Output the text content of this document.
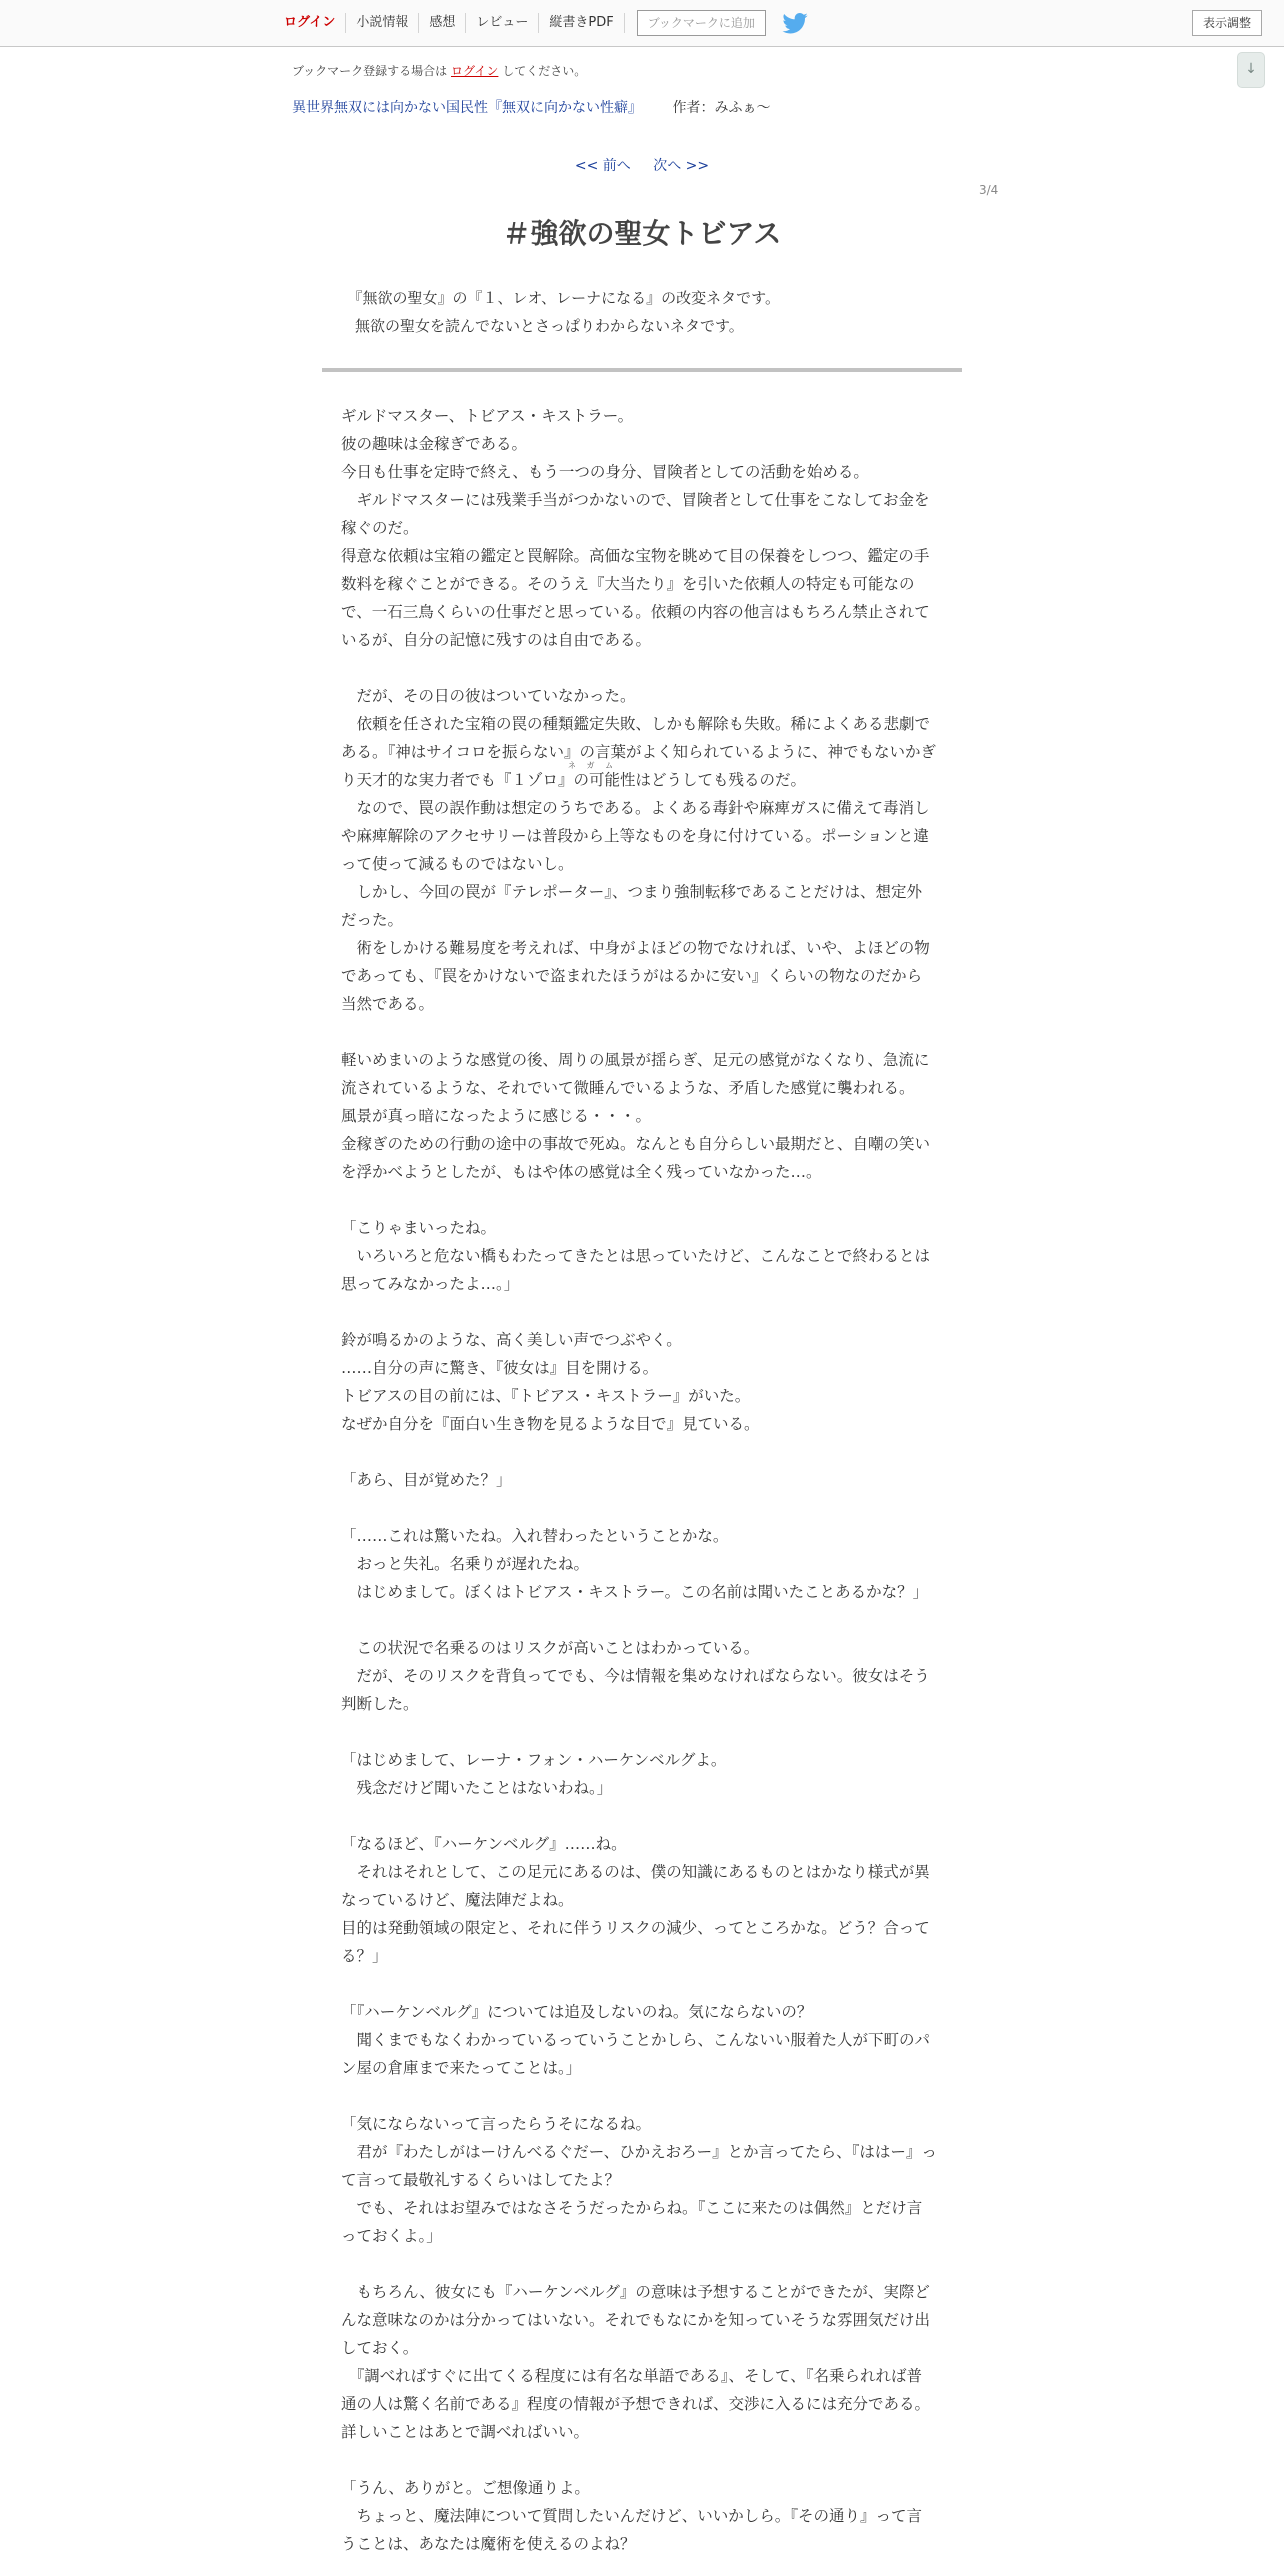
ログイン	小説情報	感想	レビュー	縦書きPDF	ブックマークに追加	表示調整
↓
ブックマーク登録する場合は ログイン してください。
異世界無双には向かない国民性『無双に向かない性癖』 作者：みふぁ～
<< 前へ 次へ >>
3/4
＃強欲の聖女トビアス

　『無欲の聖女』の『１、レオ、レーナになる』の改変ネタです。

　無欲の聖女を読んでないとさっぱりわからないネタです。

ギルドマスター、トビアス・キストラー。

彼の趣味は金稼ぎである。

今日も仕事を定時で終え、もう一つの身分、冒険者としての活動を始める。

　ギルドマスターには残業手当がつかないので、冒険者として仕事をこなしてお金を稼ぐのだ。

得意な依頼は宝箱の鑑定と罠解除。高価な宝物を眺めて目の保養をしつつ、鑑定の手数料を稼ぐことができる。そのうえ『大当たり』を引いた依頼人の特定も可能なので、一石三鳥くらいの仕事だと思っている。依頼の内容の他言はもちろん禁止されているが、自分の記憶に残すのは自由である。

　だが、その日の彼はついていなかった。

　依頼を任された宝箱の罠の種類鑑定失敗、しかも解除も失敗。稀によくある悲劇である。『神はサイコロを振らない』の言葉がよく知られているように、神でもないかぎり天才的な実力者でも『１ゾロ』の可能性はどうしても残るのだ。

　なので、罠の誤作動は想定のうちである。よくある毒針や麻痺ガスに備えて毒消しや麻痺解除のアクセサリーは普段から上等なものを身に付けている。ポーションと違って使って減るものではないし。

　しかし、今回の罠が『テレポーター』、つまり強制転移であることだけは、想定外だった。

　術をしかける難易度を考えれば、中身がよほどの物でなければ、いや、よほどの物であっても、『罠をかけないで盗まれたほうがはるかに安い』くらいの物なのだから当然である。

軽いめまいのような感覚の後、周りの風景が揺らぎ、足元の感覚がなくなり、急流に流されているような、それでいて微睡んでいるような、矛盾した感覚に襲われる。

風景が真っ暗になったように感じる・・・。

金稼ぎのための行動の途中の事故で死ぬ。なんとも自分らしい最期だと、自嘲の笑いを浮かべようとしたが、もはや体の感覚は全く残っていなかった…。

「こりゃまいったね。

　いろいろと危ない橋もわたってきたとは思っていたけど、こんなことで終わるとは思ってみなかったよ…。」

鈴が鳴るかのような、高く美しい声でつぶやく。

……自分の声に驚き、『彼女は』目を開ける。

トビアスの目の前には、『トビアス・キストラー』がいた。

なぜか自分を『面白い生き物を見るような目で』見ている。

「あら、目が覚めた？」

「……これは驚いたね。入れ替わったということかな。

　おっと失礼。名乗りが遅れたね。

　はじめまして。ぼくはトビアス・キストラー。この名前は聞いたことあるかな？」

　この状況で名乗るのはリスクが高いことはわかっている。

　だが、そのリスクを背負ってでも、今は情報を集めなければならない。彼女はそう判断した。

「はじめまして、レーナ・フォン・ハーケンベルグよ。

　残念だけど聞いたことはないわね。」

「なるほど、『ハーケンベルグ』……ね。

　それはそれとして、この足元にあるのは、僕の知識にあるものとはかなり様式が異なっているけど、魔法陣だよね。

目的は発動領域の限定と、それに伴うリスクの減少、ってところかな。どう？合ってる？」

「『ハーケンベルグ』については追及しないのね。気にならないの？

　聞くまでもなくわかっているっていうことかしら、こんないい服着た人が下町のパン屋の倉庫まで来たってことは。」

「気にならないって言ったらうそになるね。

　君が『わたしがはーけんべるぐだー、ひかえおろー』とか言ってたら、『ははー』って言って最敬礼するくらいはしてたよ？

　でも、それはお望みではなさそうだったからね。『ここに来たのは偶然』とだけ言っておくよ。」

　もちろん、彼女にも『ハーケンベルグ』の意味は予想することができたが、実際どんな意味なのかは分かってはいない。それでもなにかを知っていそうな雰囲気だけ出しておく。

　『調べればすぐに出てくる程度には有名な単語である』、そして、『名乗られれば普通の人は驚く名前である』程度の情報が予想できれば、交渉に入るには充分である。詳しいことはあとで調べればいい。

「うん、ありがと。ご想像通りよ。

　ちょっと、魔法陣について質問したいんだけど、いいかしら。『その通り』って言うことは、あなたは魔術を使えるのよね？

ネ ガ ム
